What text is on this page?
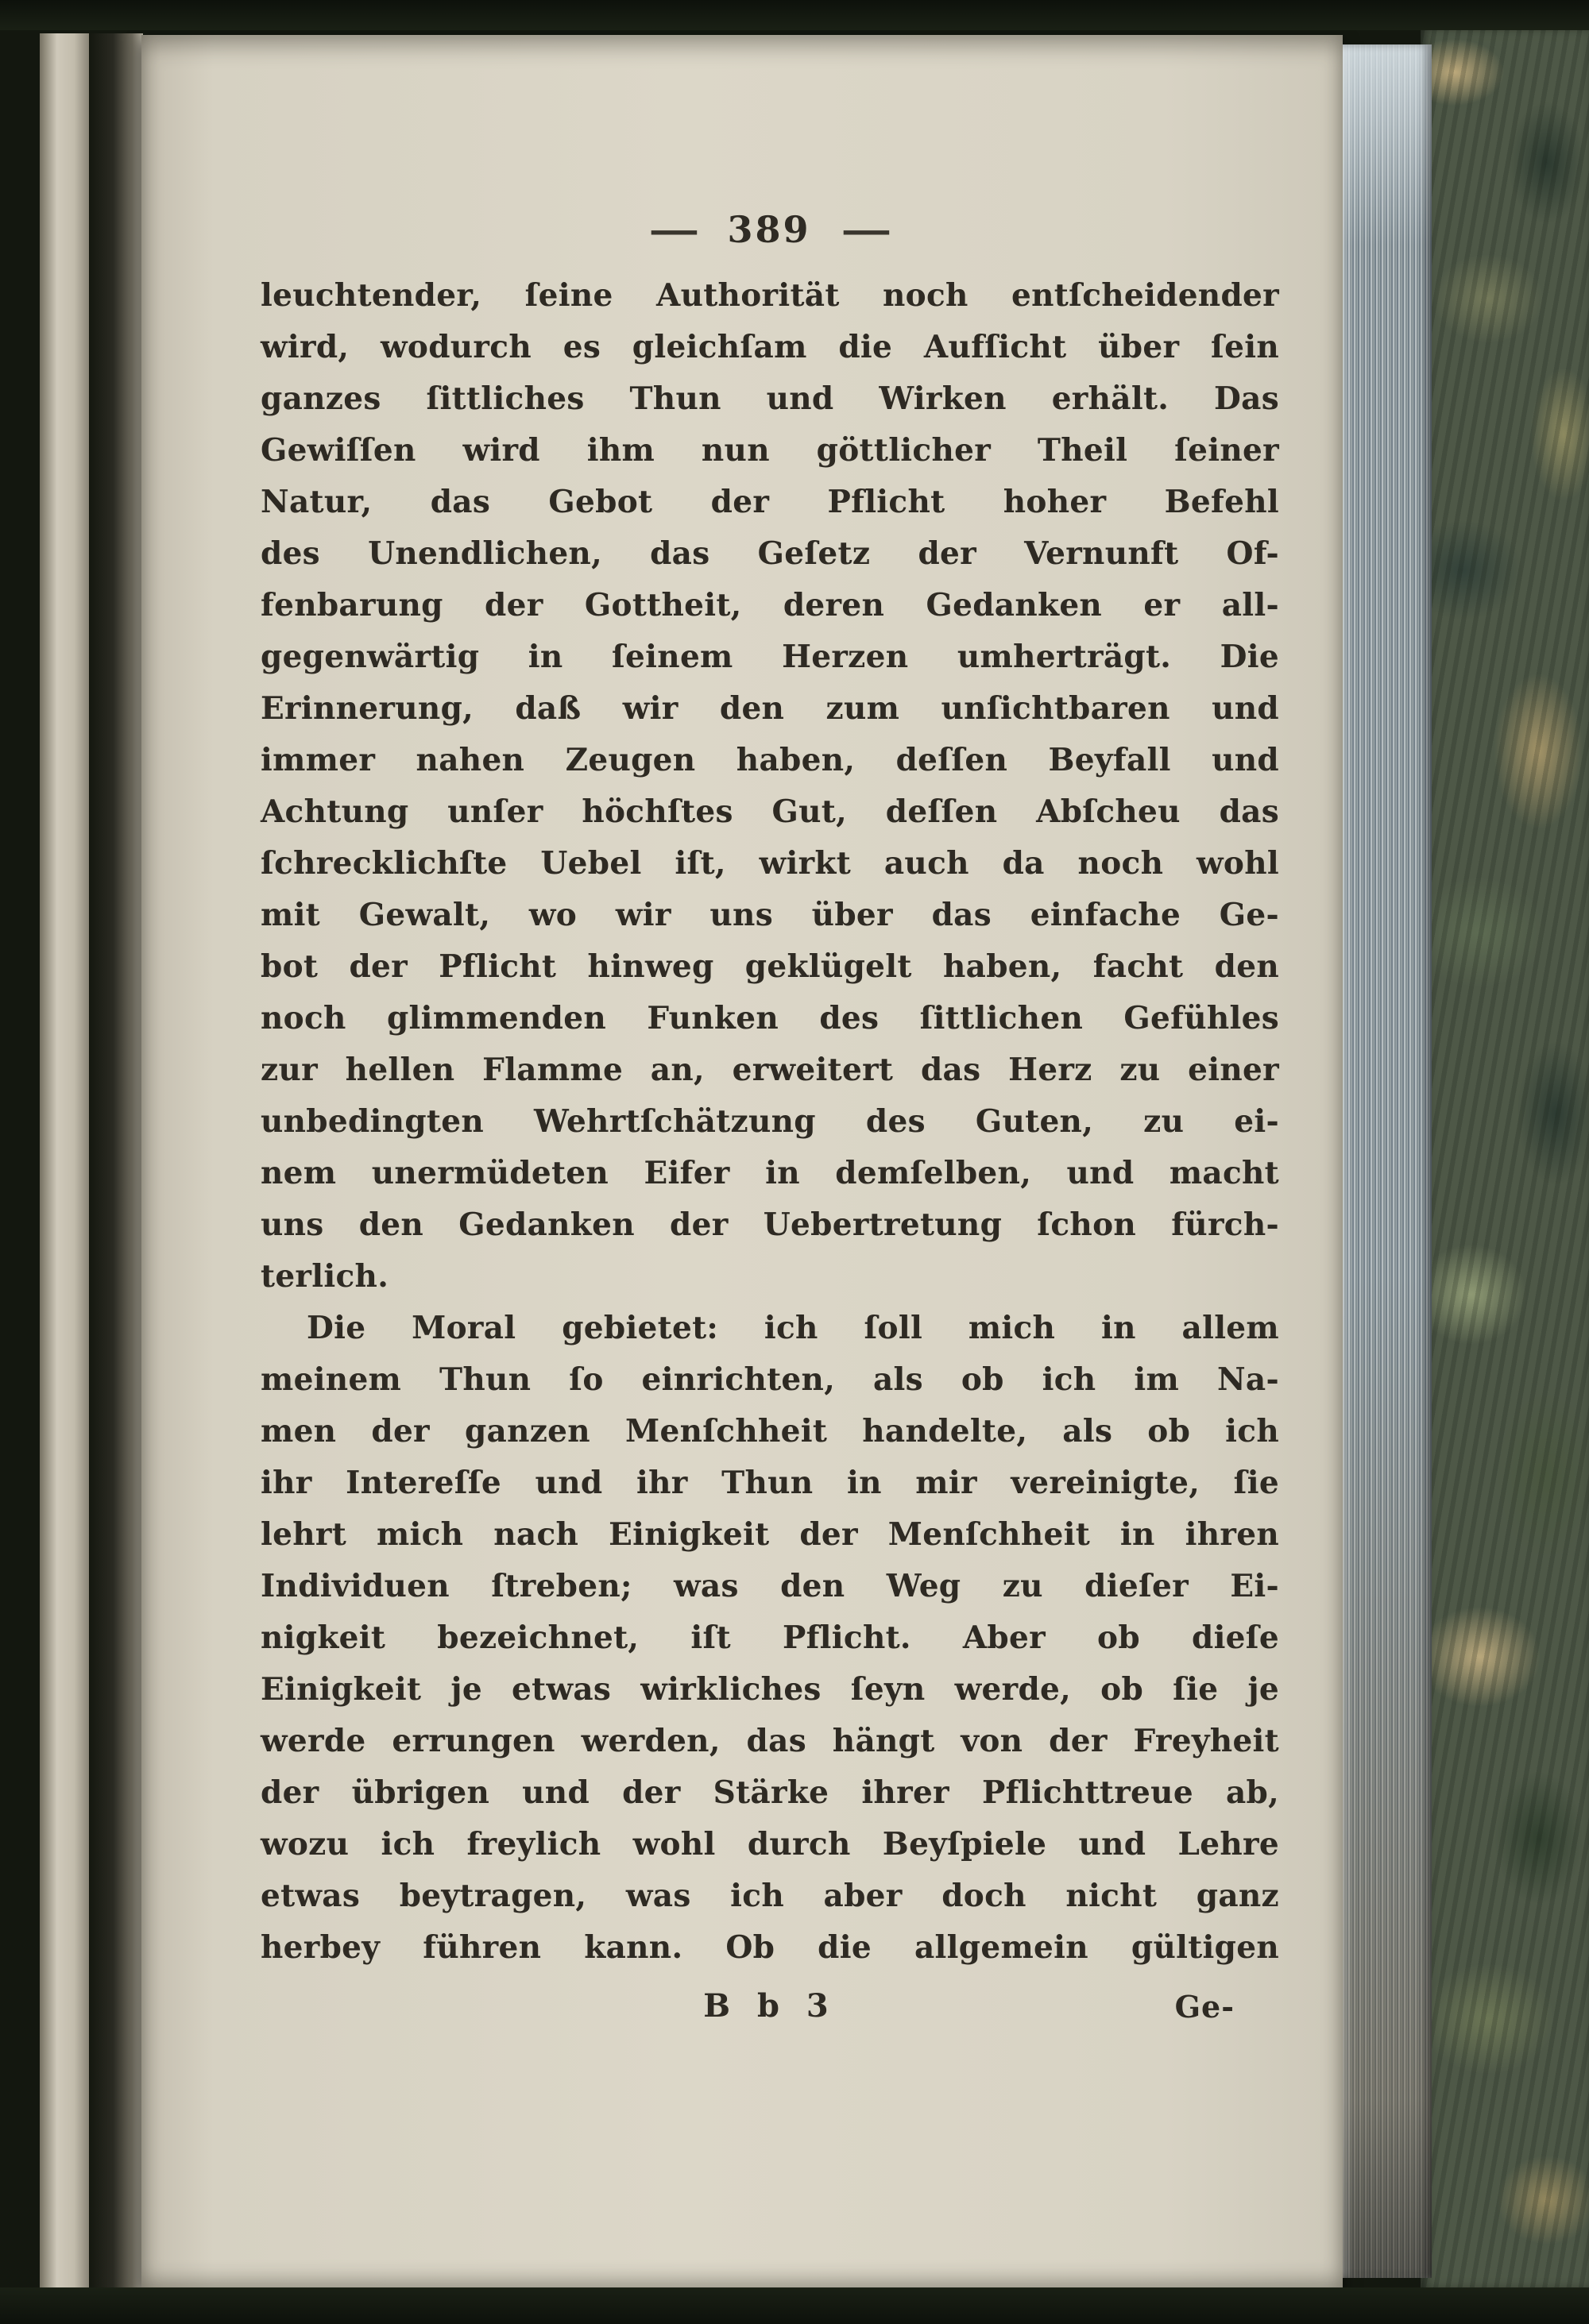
— 389 —
leuchtender, ſeine Authorität noch entſcheidender
wird, wodurch es gleichſam die Aufſicht über ſein
ganzes ſittliches Thun und Wirken erhält. Das
Gewiſſen wird ihm nun göttlicher Theil ſeiner
Natur, das Gebot der Pflicht hoher Befehl
des Unendlichen, das Geſetz der Vernunft Of-
fenbarung der Gottheit, deren Gedanken er all-
gegenwärtig in ſeinem Herzen umherträgt. Die
Erinnerung, daß wir den zum unſichtbaren und
immer nahen Zeugen haben, deſſen Beyfall und
Achtung unſer höchſtes Gut, deſſen Abſcheu das
ſchrecklichſte Uebel iſt, wirkt auch da noch wohl
mit Gewalt, wo wir uns über das einfache Ge-
bot der Pflicht hinweg geklügelt haben, facht den
noch glimmenden Funken des ſittlichen Gefühles
zur hellen Flamme an, erweitert das Herz zu einer
unbedingten Wehrtſchätzung des Guten, zu ei-
nem unermüdeten Eifer in demſelben, und macht
uns den Gedanken der Uebertretung ſchon fürch-
terlich.
Die Moral gebietet: ich ſoll mich in allem
meinem Thun ſo einrichten, als ob ich im Na-
men der ganzen Menſchheit handelte, als ob ich
ihr Intereſſe und ihr Thun in mir vereinigte, ſie
lehrt mich nach Einigkeit der Menſchheit in ihren
Individuen ſtreben; was den Weg zu dieſer Ei-
nigkeit bezeichnet, iſt Pflicht. Aber ob dieſe
Einigkeit je etwas wirkliches ſeyn werde, ob ſie je
werde errungen werden, das hängt von der Freyheit
der übrigen und der Stärke ihrer Pflichttreue ab,
wozu ich freylich wohl durch Beyſpiele und Lehre
etwas beytragen, was ich aber doch nicht ganz
herbey führen kann. Ob die allgemein gültigen
B b 3	Ge-
